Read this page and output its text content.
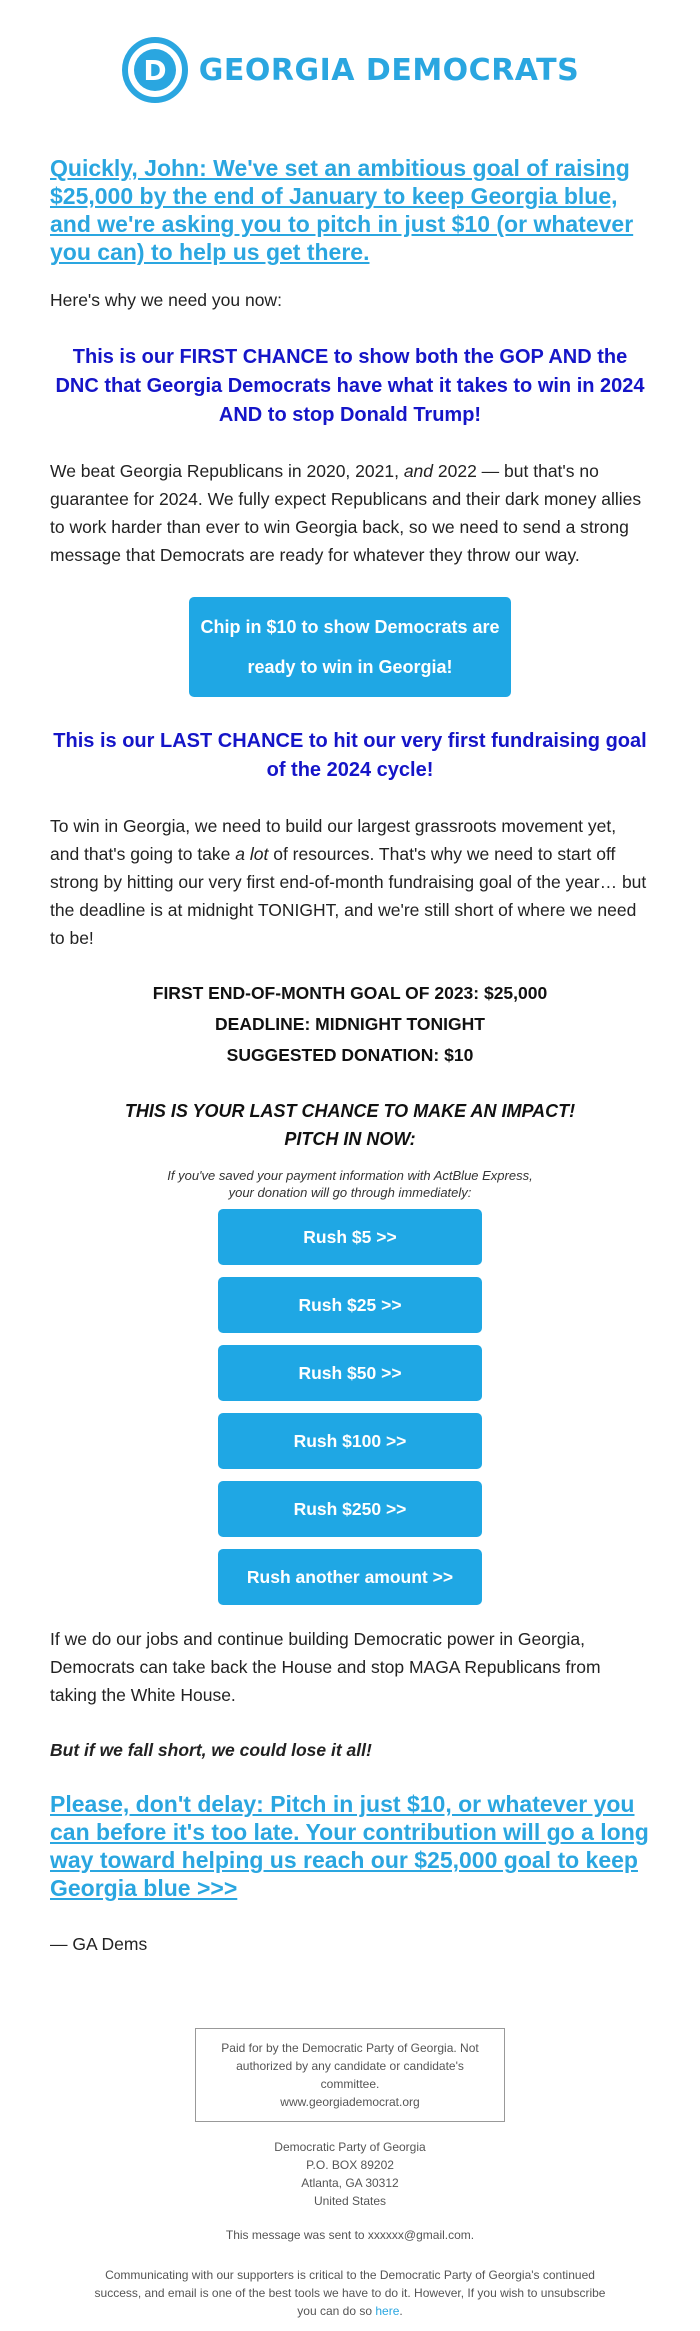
D GEORGIA DEMOCRATS
Quickly, John: We've set an ambitious goal of raising $25,000 by the end of January to keep Georgia blue, and we're asking you to pitch in just $10 (or whatever you can) to help us get there.

Here's why we need you now:

This is our FIRST CHANCE to show both the GOP AND the DNC that Georgia Democrats have what it takes to win in 2024 AND to stop Donald Trump!

We beat Georgia Republicans in 2020, 2021, and 2022 — but that's no guarantee for 2024. We fully expect Republicans and their dark money allies to work harder than ever to win Georgia back, so we need to send a strong message that Democrats are ready for whatever they throw our way.

Chip in $10 to show Democrats are ready to win in Georgia!
This is our LAST CHANCE to hit our very first fundraising goal of the 2024 cycle!

To win in Georgia, we need to build our largest grassroots movement yet, and that's going to take a lot of resources. That's why we need to start off strong by hitting our very first end-of-month fundraising goal of the year… but the deadline is at midnight TONIGHT, and we're still short of where we need to be!

FIRST END-OF-MONTH GOAL OF 2023: $25,000
DEADLINE: MIDNIGHT TONIGHT
SUGGESTED DONATION: $10
THIS IS YOUR LAST CHANCE TO MAKE AN IMPACT!
PITCH IN NOW:
If you've saved your payment information with ActBlue Express,
your donation will go through immediately:
Rush $5 >>
Rush $25 >>
Rush $50 >>
Rush $100 >>
Rush $250 >>
Rush another amount >>

If we do our jobs and continue building Democratic power in Georgia, Democrats can take back the House and stop MAGA Republicans from taking the White House.

But if we fall short, we could lose it all!

Please, don't delay: Pitch in just $10, or whatever you can before it's too late. Your contribution will go a long way toward helping us reach our $25,000 goal to keep Georgia blue >>>

— GA Dems

Paid for by the Democratic Party of Georgia. Not authorized by any candidate or candidate's committee.
www.georgiademocrat.org
Democratic Party of Georgia
P.O. BOX 89202
Atlanta, GA 30312
United States
This message was sent to xxxxxx@gmail.com.
Communicating with our supporters is critical to the Democratic Party of Georgia's continued success, and email is one of the best tools we have to do it. However, If you wish to unsubscribe you can do so here.
